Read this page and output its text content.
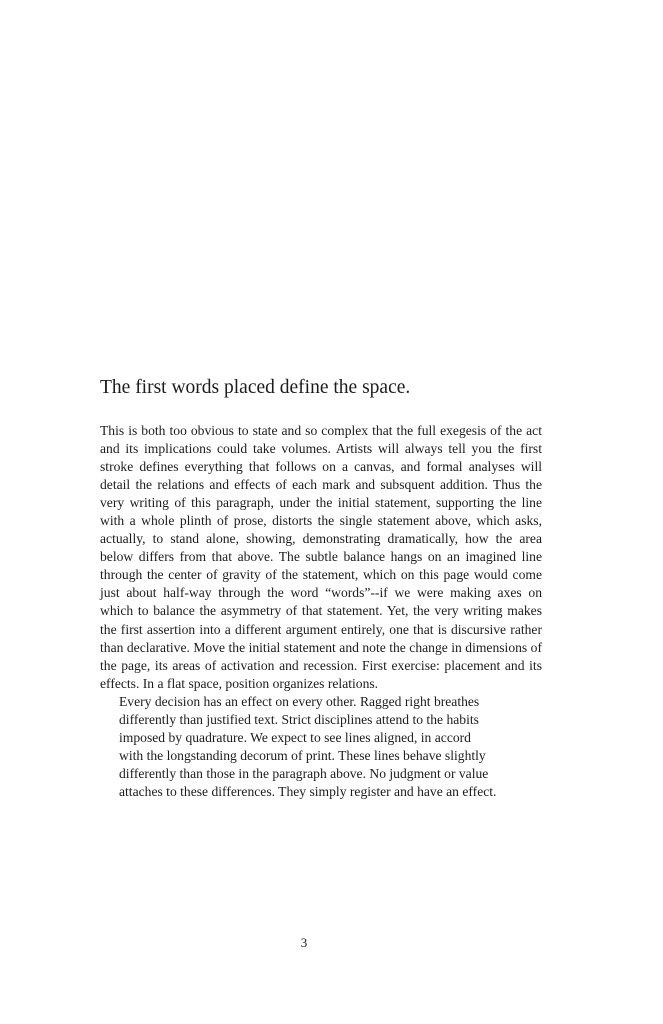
The first words placed define the space.

This is both too obvious to state and so complex that the full exegesis of the act and its implications could take volumes. Artists will always tell you the first stroke defines everything that follows on a canvas, and formal analyses will detail the relations and effects of each mark and subsquent addition. Thus the very writing of this paragraph, under the initial statement, supporting the line with a whole plinth of prose, distorts the single statement above, which asks, actually, to stand alone, showing, demonstrating dramatically, how the area below differs from that above. The subtle balance hangs on an imagined line through the center of gravity of the statement, which on this page would come just about half-way through the word “words”--if we were making axes on which to balance the asymmetry of that statement. Yet, the very writing makes the first assertion into a different argument entirely, one that is discursive rather than declarative. Move the initial statement and note the change in dimensions of the page, its areas of activation and recession. First exercise: placement and its effects. In a flat space, position organizes relations.

Every decision has an effect on every other. Ragged right breathes
differently than justified text. Strict disciplines attend to the habits
imposed by quadrature. We expect to see lines aligned, in accord
with the longstanding decorum of print. These lines behave slightly
differently than those in the paragraph above. No judgment or value
attaches to these differences. They simply register and have an effect.

3
